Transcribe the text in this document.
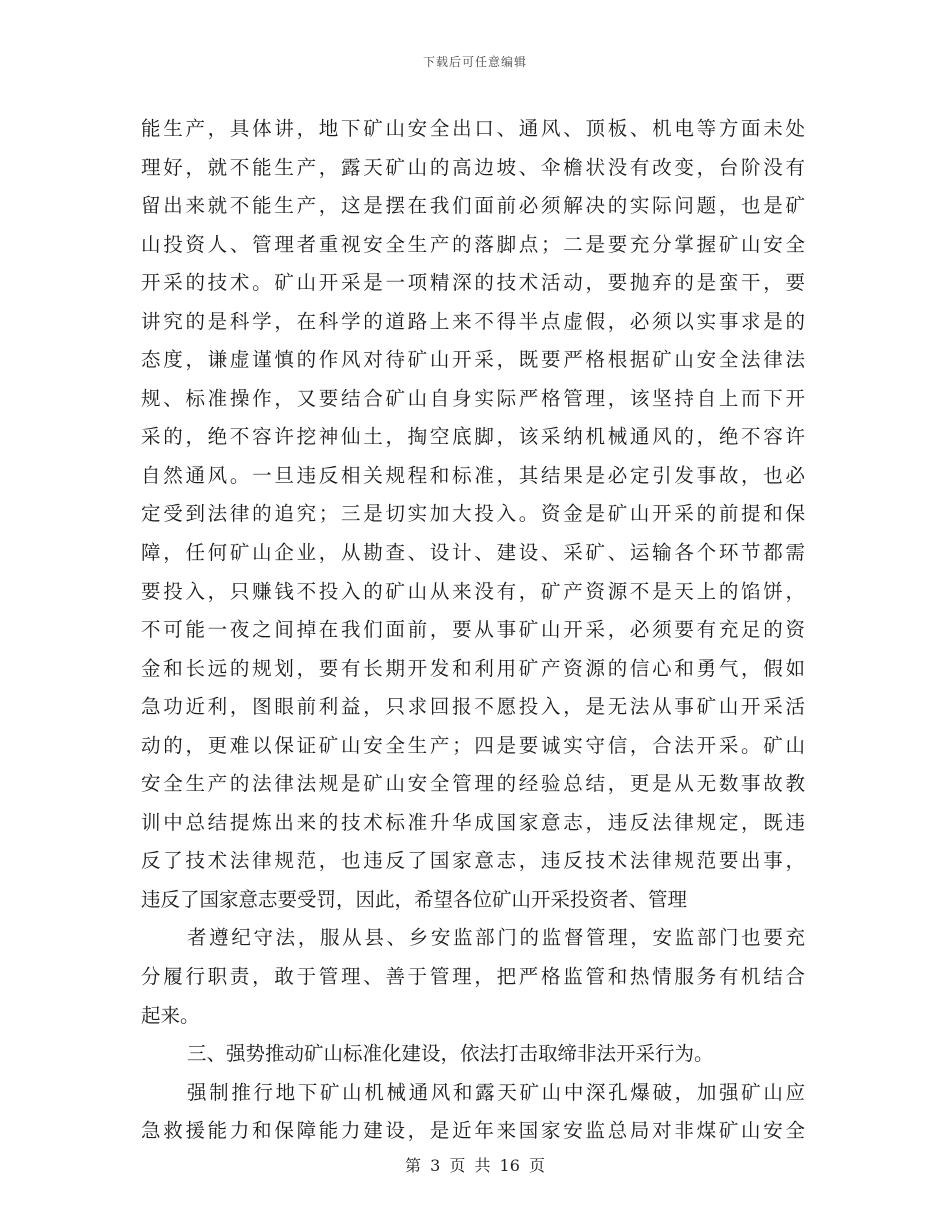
下载后可任意编辑
能生产，具体讲，地下矿山安全出口、通风、顶板、机电等方面未处
理好，就不能生产，露天矿山的高边坡、伞檐状没有改变，台阶没有
留出来就不能生产，这是摆在我们面前必须解决的实际问题，也是矿
山投资人、管理者重视安全生产的落脚点；二是要充分掌握矿山安全
开采的技术。矿山开采是一项精深的技术活动，要抛弃的是蛮干，要
讲究的是科学，在科学的道路上来不得半点虚假，必须以实事求是的
态度，谦虚谨慎的作风对待矿山开采，既要严格根据矿山安全法律法
规、标准操作，又要结合矿山自身实际严格管理，该坚持自上而下开
采的，绝不容许挖神仙土，掏空底脚，该采纳机械通风的，绝不容许
自然通风。一旦违反相关规程和标准，其结果是必定引发事故，也必
定受到法律的追究；三是切实加大投入。资金是矿山开采的前提和保
障，任何矿山企业，从勘查、设计、建设、采矿、运输各个环节都需
要投入，只赚钱不投入的矿山从来没有，矿产资源不是天上的馅饼，
不可能一夜之间掉在我们面前，要从事矿山开采，必须要有充足的资
金和长远的规划，要有长期开发和利用矿产资源的信心和勇气，假如
急功近利，图眼前利益，只求回报不愿投入，是无法从事矿山开采活
动的，更难以保证矿山安全生产；四是要诚实守信，合法开采。矿山
安全生产的法律法规是矿山安全管理的经验总结，更是从无数事故教
训中总结提炼出来的技术标准升华成国家意志，违反法律规定，既违
反了技术法律规范，也违反了国家意志，违反技术法律规范要出事，
违反了国家意志要受罚，因此，希望各位矿山开采投资者、管理
者遵纪守法，服从县、乡安监部门的监督管理，安监部门也要充
分履行职责，敢于管理、善于管理，把严格监管和热情服务有机结合
起来。
三、强势推动矿山标准化建设，依法打击取缔非法开采行为。
强制推行地下矿山机械通风和露天矿山中深孔爆破，加强矿山应
急救援能力和保障能力建设，是近年来国家安监总局对非煤矿山安全
第 3 页 共 16 页
